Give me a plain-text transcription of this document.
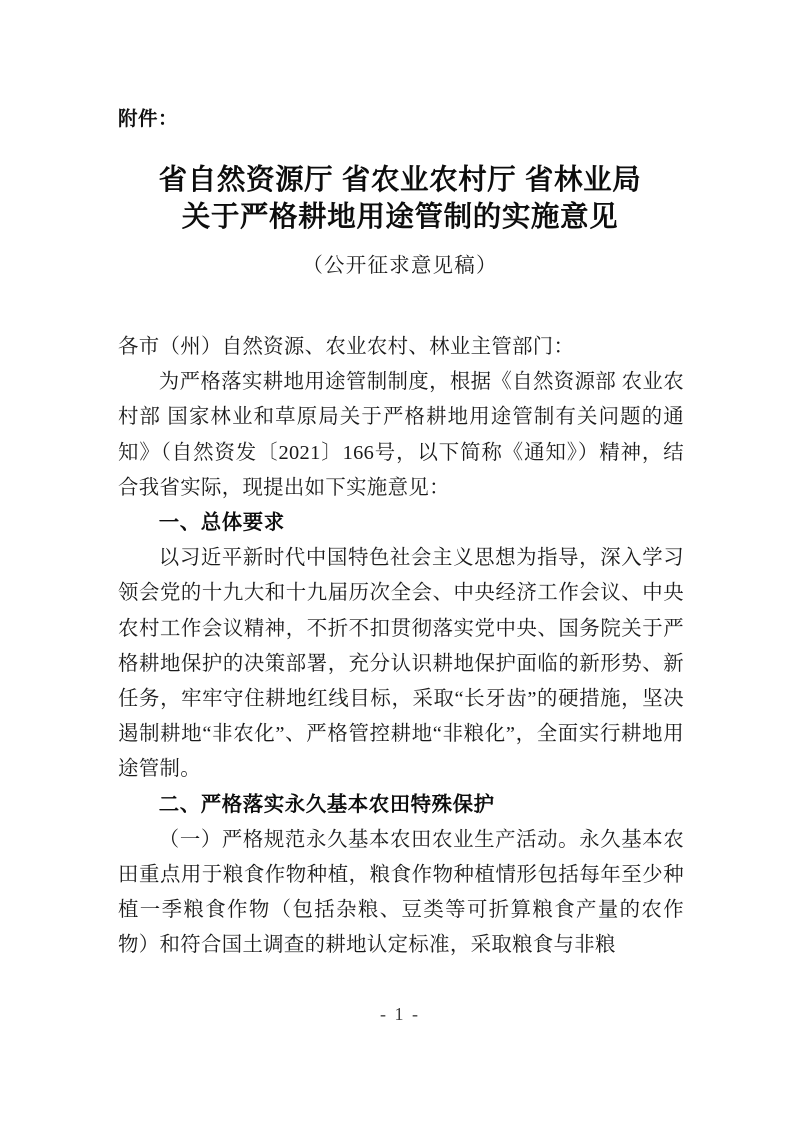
附件：
省自然资源厅 省农业农村厅 省林业局
关于严格耕地用途管制的实施意见
（公开征求意见稿）

各市（州）自然资源、农业农村、林业主管部门：

为严格落实耕地用途管制制度，根据《自然资源部 农业农村部 国家林业和草原局关于严格耕地用途管制有关问题的通知》（自然资发〔2021〕166号，以下简称《通知》）精神，结合我省实际，现提出如下实施意见：

一、总体要求

以习近平新时代中国特色社会主义思想为指导，深入学习领会党的十九大和十九届历次全会、中央经济工作会议、中央农村工作会议精神，不折不扣贯彻落实党中央、国务院关于严格耕地保护的决策部署，充分认识耕地保护面临的新形势、新任务，牢牢守住耕地红线目标，采取“长牙齿”的硬措施，坚决遏制耕地“非农化”、严格管控耕地“非粮化”，全面实行耕地用途管制。

二、严格落实永久基本农田特殊保护

（一）严格规范永久基本农田农业生产活动。永久基本农田重点用于粮食作物种植，粮食作物种植情形包括每年至少种植一季粮食作物（包括杂粮、豆类等可折算粮食产量的农作物）和符合国土调查的耕地认定标准，采取粮食与非粮

- 1 -
